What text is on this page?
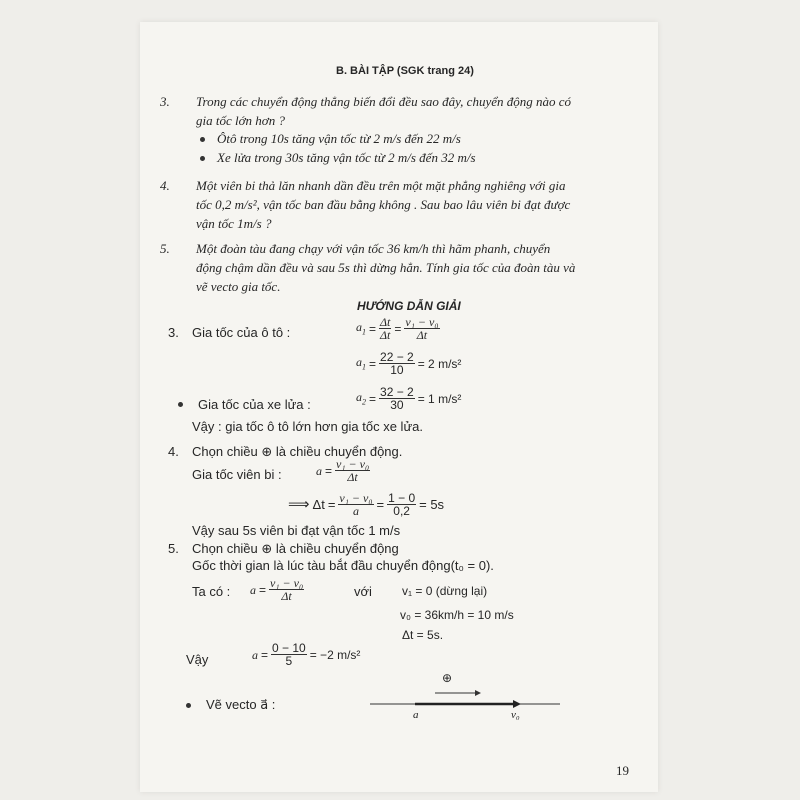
B. BÀI TẬP (SGK trang 24)
3. Trong các chuyển động thẳng biến đổi đều sao đây, chuyển động nào có
gia tốc lớn hơn ?
Ôtô trong 10s tăng vận tốc từ 2 m/s đến 22 m/s
Xe lửa trong 30s tăng vận tốc từ 2 m/s đến 32 m/s
4. Một viên bi thả lăn nhanh dần đều trên một mặt phẳng nghiêng với gia
tốc 0,2 m/s², vận tốc ban đầu bằng không . Sau bao lâu viên bi đạt được
vận tốc 1m/s ?
5. Một đoàn tàu đang chạy với vận tốc 36 km/h thì hãm phanh, chuyển
động chậm dần đều và sau 5s thì dừng hẳn. Tính gia tốc của đoàn tàu và
vẽ vecto gia tốc.
HƯỚNG DẪN GIẢI
3. Gia tốc của ô tô :	$a_1 = \frac{\Delta t}{\Delta t} = \frac{\text{v₁ − v₀}}{\Delta t}$
$a_1 = \frac{22 - 2}{10} = 2$ m/s²
Gia tốc của xe lửa :
$a_2 = \frac{32 - 2}{30} = 1$ m/s²
Vậy : gia tốc ô tô lớn hơn gia tốc xe lửa.
4. Chọn chiều ⊕ là chiều chuyển động.
Gia tốc viên bi :	$a = \frac{\text{v₁ − v₀}}{\Delta t}$
⟹ $\Delta t = \frac{\text{v₁ − v₀}}{a} = \frac{1 - 0}{0,2} = 5s$
Vậy sau 5s viên bi đạt vận tốc 1 m/s
5. Chọn chiều ⊕ là chiều chuyển động
Gốc thời gian là lúc tàu bắt đầu chuyển động(t₀ = 0).
Ta có : $a = \frac{\text{v₁ − v₀}}{\Delta t}$	với	v₁ = 0 (dừng lại)
v₀ = 36km/h = 10 m/s
Δt = 5s.
Vậy	$a = \frac{0 - 10}{5} = -2$ m/s²
Vẽ vecto a⃗ :
⊕
a⃗	v₀
19
